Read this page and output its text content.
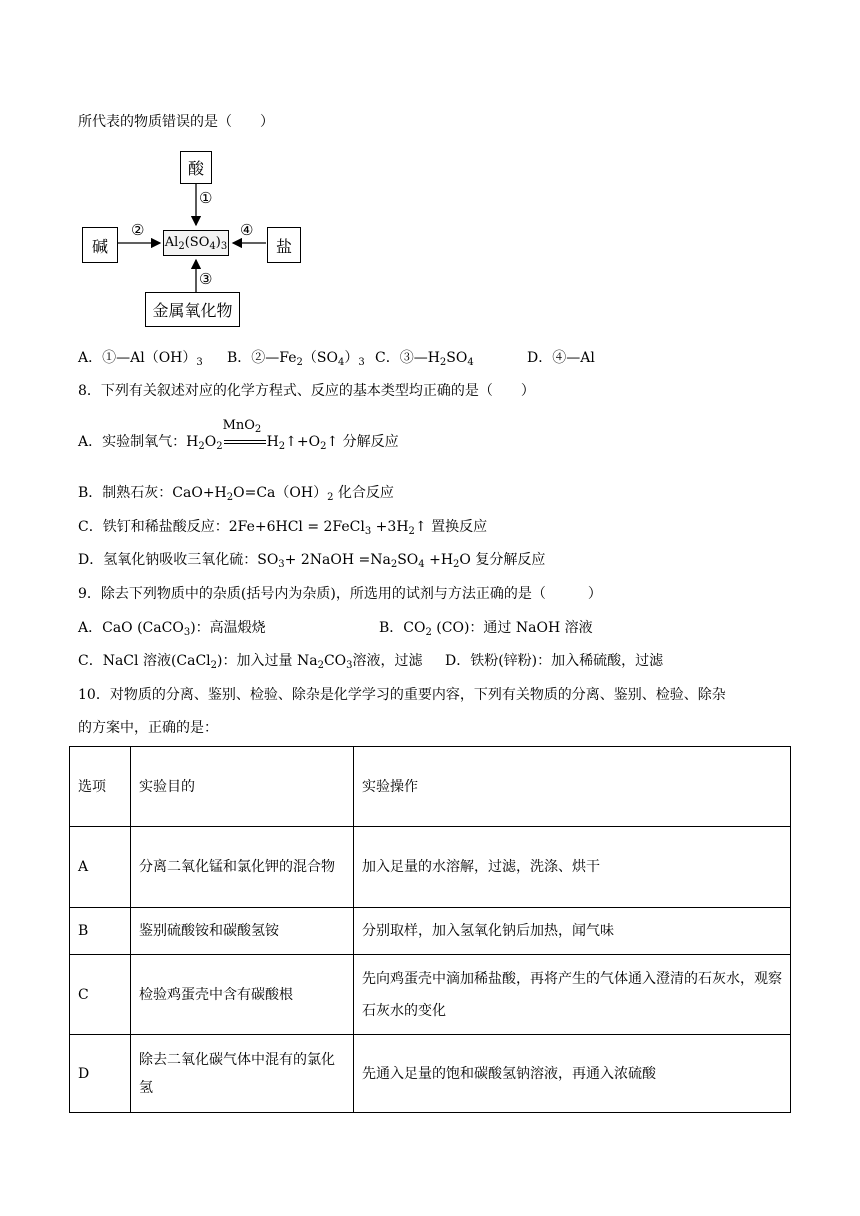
所代表的物质错误的是（　　）
酸
碱	盐
金属氧化物
$Al_2(SO_4)_3$
①
②	④
③
A．$①—Al(OH)_3$ B．$②—Fe_2(SO_4)_3$ C．$③—H_2SO_4$	D．④—Al
8．下列有关叙述对应的化学方程式、反应的基本类型均正确的是（　　）
A．实验制氧气：$H_2O_2$
MnO$_2$
$H_2↑+O_2↑$ 分解反应
B．制熟石灰：$CaO+H_2O=Ca(OH)_2$ 化合反应
C．铁钉和稀盐酸反应：2Fe+6HCl = 2FeCl$_3$ $+3H_2↑$ 置换反应
D．氢氧化钠吸收三氧化硫：$SO_3+$ 2NaOH $=Na_2SO_4 +H_2O$ 复分解反应
9．除去下列物质中的杂质(括号内为杂质)，所选用的试剂与方法正确的是（　　　）
A．CaO (CaCO$_3$)：高温煅烧	B．$CO_2$ (CO)：通过 NaOH 溶液
C．NaCl 溶液(CaCl$_2$)：加入过量 $Na_2CO_3$溶液，过滤 D．铁粉(锌粉)：加入稀硫酸，过滤
10．对物质的分离、鉴别、检验、除杂是化学学习的重要内容，下列有关物质的分离、鉴别、检验、除杂
的方案中，正确的是：
选项	实验目的	实验操作
A	分离二氧化锰和氯化钾的混合物	加入足量的水溶解，过滤，洗涤、烘干
B	鉴别硫酸铵和碳酸氢铵	分别取样，加入氢氧化钠后加热，闻气味
C	检验鸡蛋壳中含有碳酸根	先向鸡蛋壳中滴加稀盐酸，再将产生的气体通入澄清的石灰水，观察石灰水的变化
D	除去二氧化碳气体中混有的氯化氢	先通入足量的饱和碳酸氢钠溶液，再通入浓硫酸
